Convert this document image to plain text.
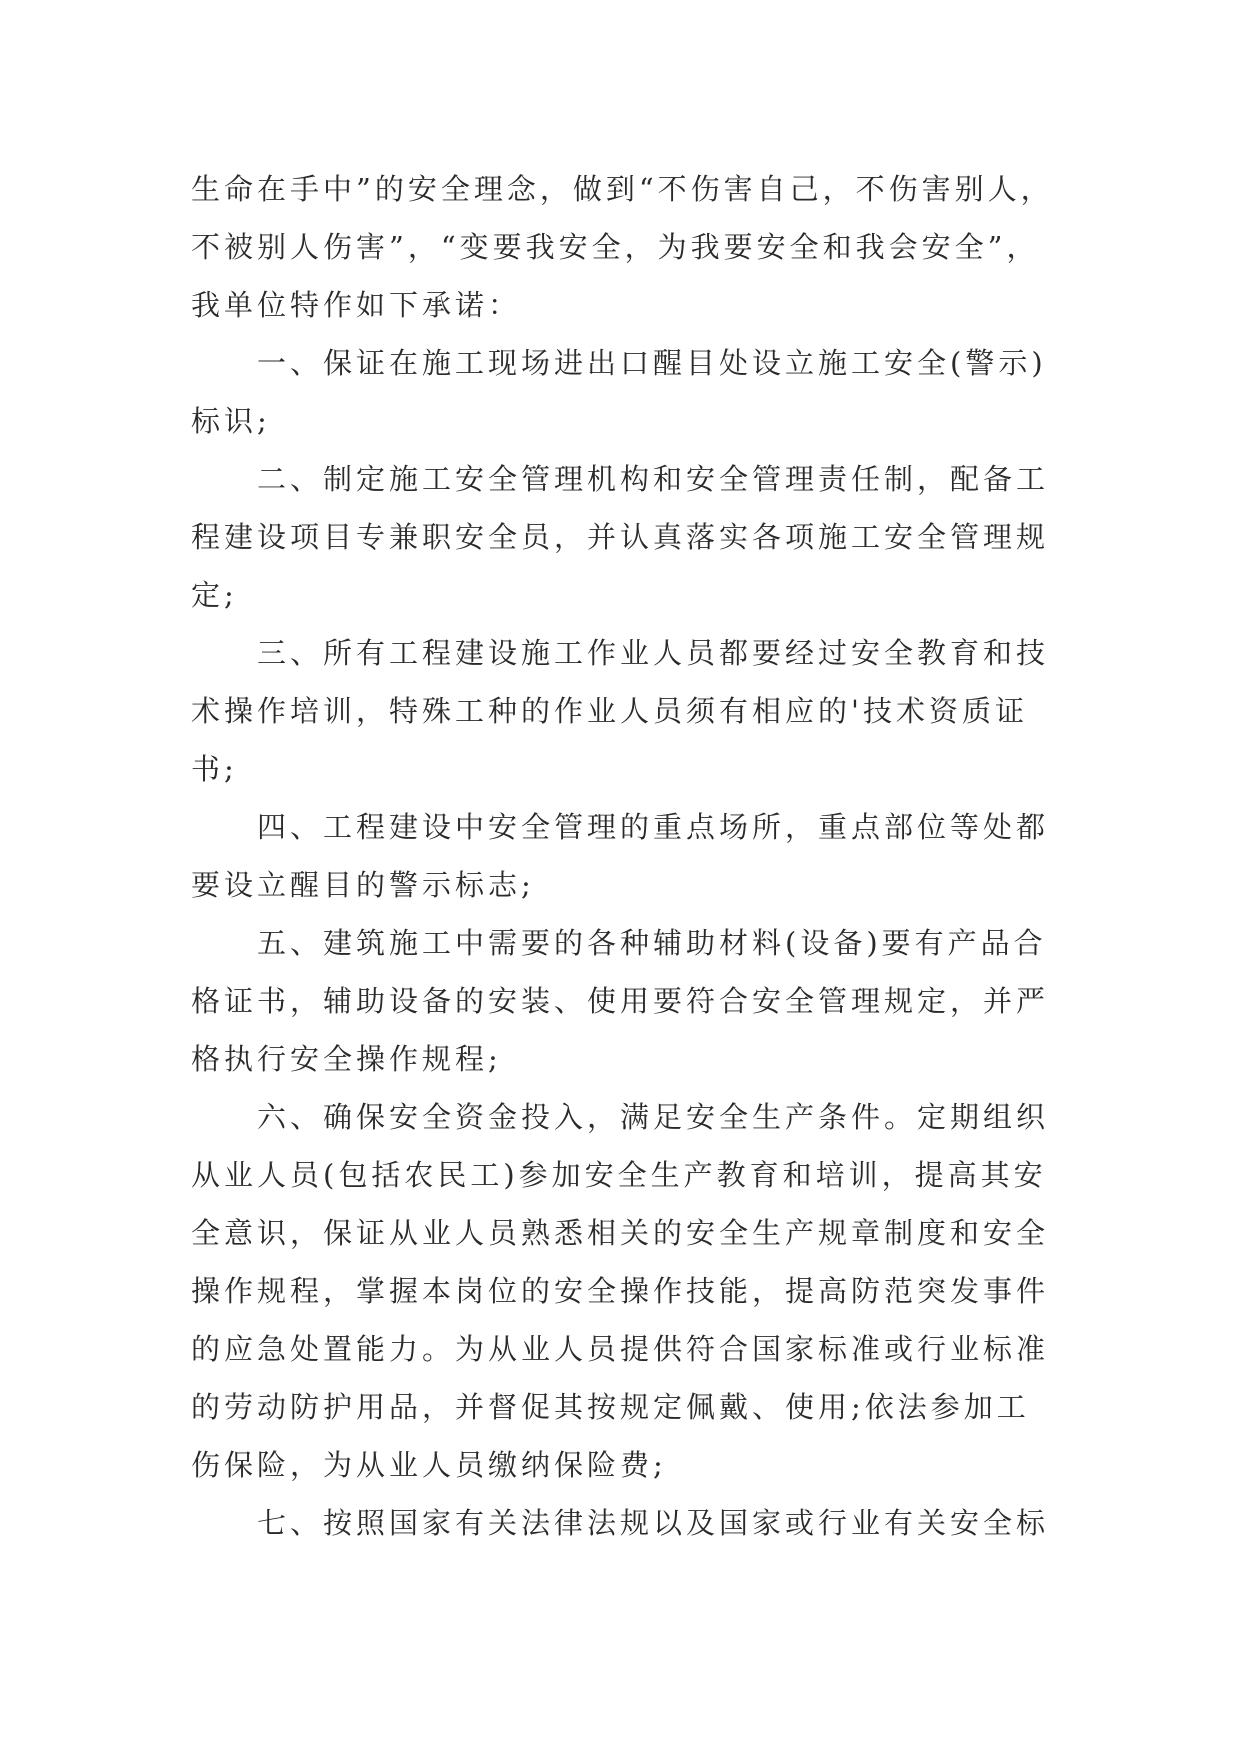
生命在手中”的安全理念，做到“不伤害自己，不伤害别人，
不被别人伤害”，“变要我安全，为我要安全和我会安全”，
我单位特作如下承诺：
　　一、保证在施工现场进出口醒目处设立施工安全(警示)
标识;
　　二、制定施工安全管理机构和安全管理责任制，配备工
程建设项目专兼职安全员，并认真落实各项施工安全管理规
定;
　　三、所有工程建设施工作业人员都要经过安全教育和技
术操作培训，特殊工种的作业人员须有相应的'技术资质证
书;
　　四、工程建设中安全管理的重点场所，重点部位等处都
要设立醒目的警示标志;
　　五、建筑施工中需要的各种辅助材料(设备)要有产品合
格证书，辅助设备的安装、使用要符合安全管理规定，并严
格执行安全操作规程;
　　六、确保安全资金投入，满足安全生产条件。定期组织
从业人员(包括农民工)参加安全生产教育和培训，提高其安
全意识，保证从业人员熟悉相关的安全生产规章制度和安全
操作规程，掌握本岗位的安全操作技能，提高防范突发事件
的应急处置能力。为从业人员提供符合国家标准或行业标准
的劳动防护用品，并督促其按规定佩戴、使用;依法参加工
伤保险，为从业人员缴纳保险费;
　　七、按照国家有关法律法规以及国家或行业有关安全标
